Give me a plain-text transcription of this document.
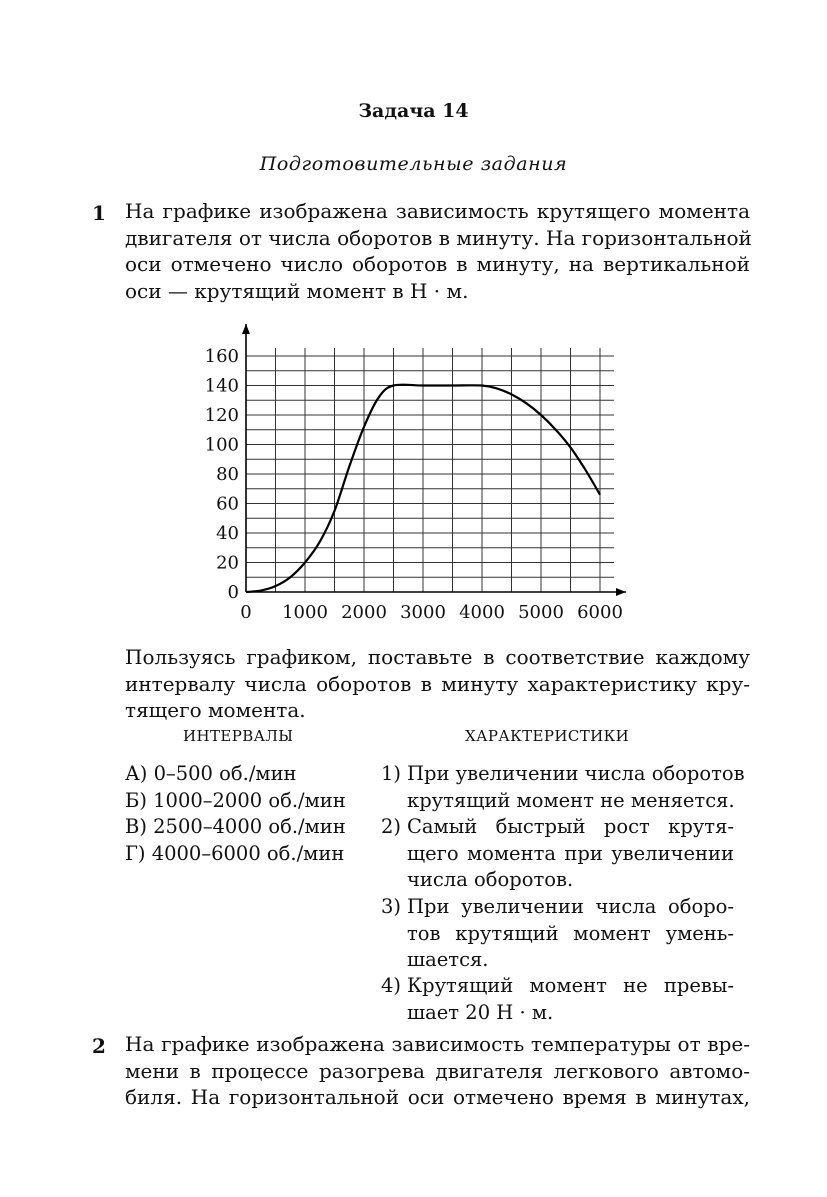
Задача 14
Подготовительные задания
1 На графике изображена зависимость крутящего момента
двигателя от числа оборотов в минуту. На горизонтальной
оси отмечено число оборотов в минуту, на вертикальной
оси — крутящий момент в Н · м.
0
20
40
60
80
100
120
140
160
0 1000 2000 3000 4000 5000 6000
Пользуясь графиком, поставьте в соответствие каждому
интервалу числа оборотов в минуту характеристику кру-
тящего момента.
ИНТЕРВАЛЫ	ХАРАКТЕРИСТИКИ
А) 0–500 об./мин
Б) 1000–2000 об./мин
В) 2500–4000 об./мин
Г) 4000–6000 об./мин
1) При увеличении числа оборотов
крутящий момент не меняется.
2) Самый быстрый рост крутя-
щего момента при увеличении
числа оборотов.
3) При увеличении числа оборо-
тов крутящий момент умень-
шается.
4) Крутящий момент не превы-
шает 20 Н · м.
2 На графике изображена зависимость температуры от вре-
мени в процессе разогрева двигателя легкового автомо-
биля. На горизонтальной оси отмечено время в минутах,
